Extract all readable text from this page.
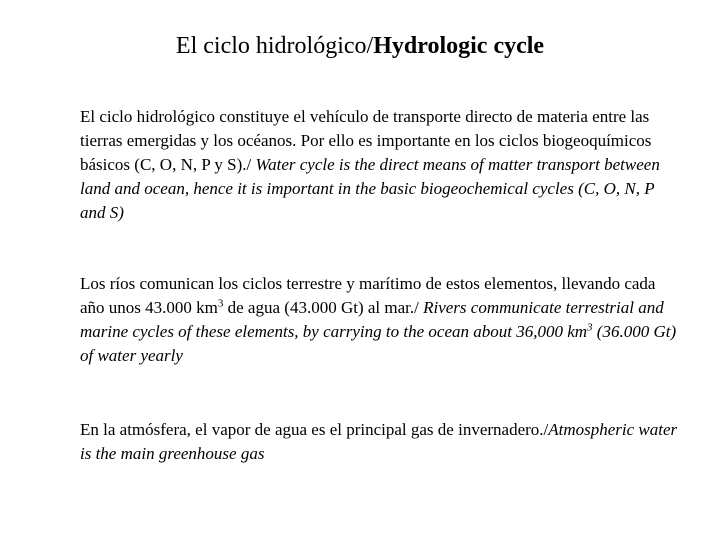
El ciclo hidrológico/Hydrologic cycle
El ciclo hidrológico constituye el vehículo de transporte directo de materia entre las tierras emergidas y los océanos. Por ello es importante en los ciclos biogeoquímicos básicos (C, O, N, P y S)./ Water cycle is the direct means of matter transport between land and ocean, hence it is important in the basic biogeochemical cycles (C, O, N, P and S)
Los ríos comunican los ciclos terrestre y marítimo de estos elementos, llevando cada año unos 43.000 $km^3$ de agua (43.000 Gt) al mar./ Rivers communicate terrestrial and marine cycles of these elements, by carrying to the ocean about 36,000 $km^3$ (36.000 Gt) of water yearly
En la atmósfera, el vapor de agua es el principal gas de invernadero./Atmospheric water is the main greenhouse gas
